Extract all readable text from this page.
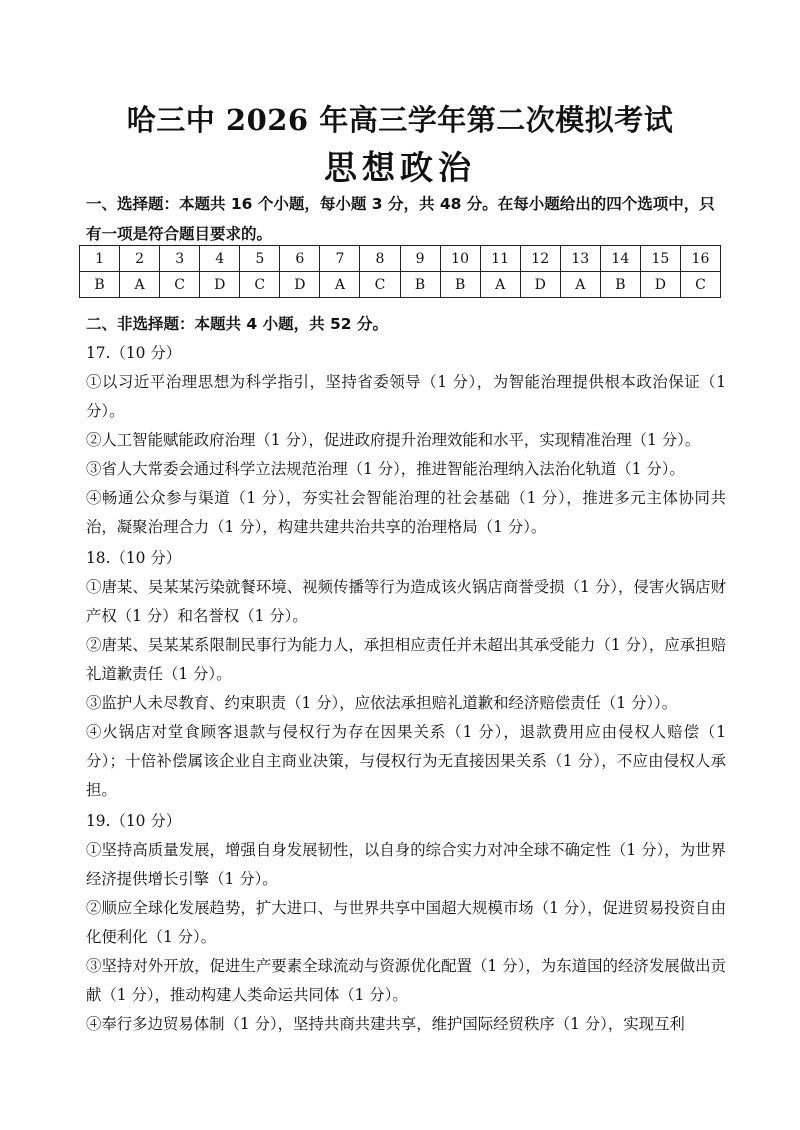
哈三中 2026 年高三学年第二次模拟考试
思想政治
一、选择题：本题共 16 个小题，每小题 3 分，共 48 分。在每小题给出的四个选项中，只有一项是符合题目要求的。
1	2	3	4	5	6	7	8	9	10	11	12	13	14	15	16
B	A	C	D	C	D	A	C	B	B	A	D	A	B	D	C
二、非选择题：本题共 4 小题，共 52 分。

17.（10 分）

①以习近平治理思想为科学指引，坚持省委领导（1 分），为智能治理提供根本政治保证（1 分）。

②人工智能赋能政府治理（1 分），促进政府提升治理效能和水平，实现精准治理（1 分）。

③省人大常委会通过科学立法规范治理（1 分），推进智能治理纳入法治化轨道（1 分）。

④畅通公众参与渠道（1 分），夯实社会智能治理的社会基础（1 分），推进多元主体协同共治，凝聚治理合力（1 分），构建共建共治共享的治理格局（1 分）。

18.（10 分）

①唐某、吴某某污染就餐环境、视频传播等行为造成该火锅店商誉受损（1 分），侵害火锅店财产权（1 分）和名誉权（1 分）。

②唐某、吴某某系限制民事行为能力人，承担相应责任并未超出其承受能力（1 分），应承担赔礼道歉责任（1 分）。

③监护人未尽教育、约束职责（1 分），应依法承担赔礼道歉和经济赔偿责任（1 分））。

④火锅店对堂食顾客退款与侵权行为存在因果关系（1 分），退款费用应由侵权人赔偿（1 分）；十倍补偿属该企业自主商业决策，与侵权行为无直接因果关系（1 分），不应由侵权人承担。

19.（10 分）

①坚持高质量发展，增强自身发展韧性，以自身的综合实力对冲全球不确定性（1 分），为世界经济提供增长引擎（1 分）。

②顺应全球化发展趋势，扩大进口、与世界共享中国超大规模市场（1 分），促进贸易投资自由化便利化（1 分）。

③坚持对外开放，促进生产要素全球流动与资源优化配置（1 分），为东道国的经济发展做出贡献（1 分），推动构建人类命运共同体（1 分）。

④奉行多边贸易体制（1 分），坚持共商共建共享，维护国际经贸秩序（1 分），实现互利
